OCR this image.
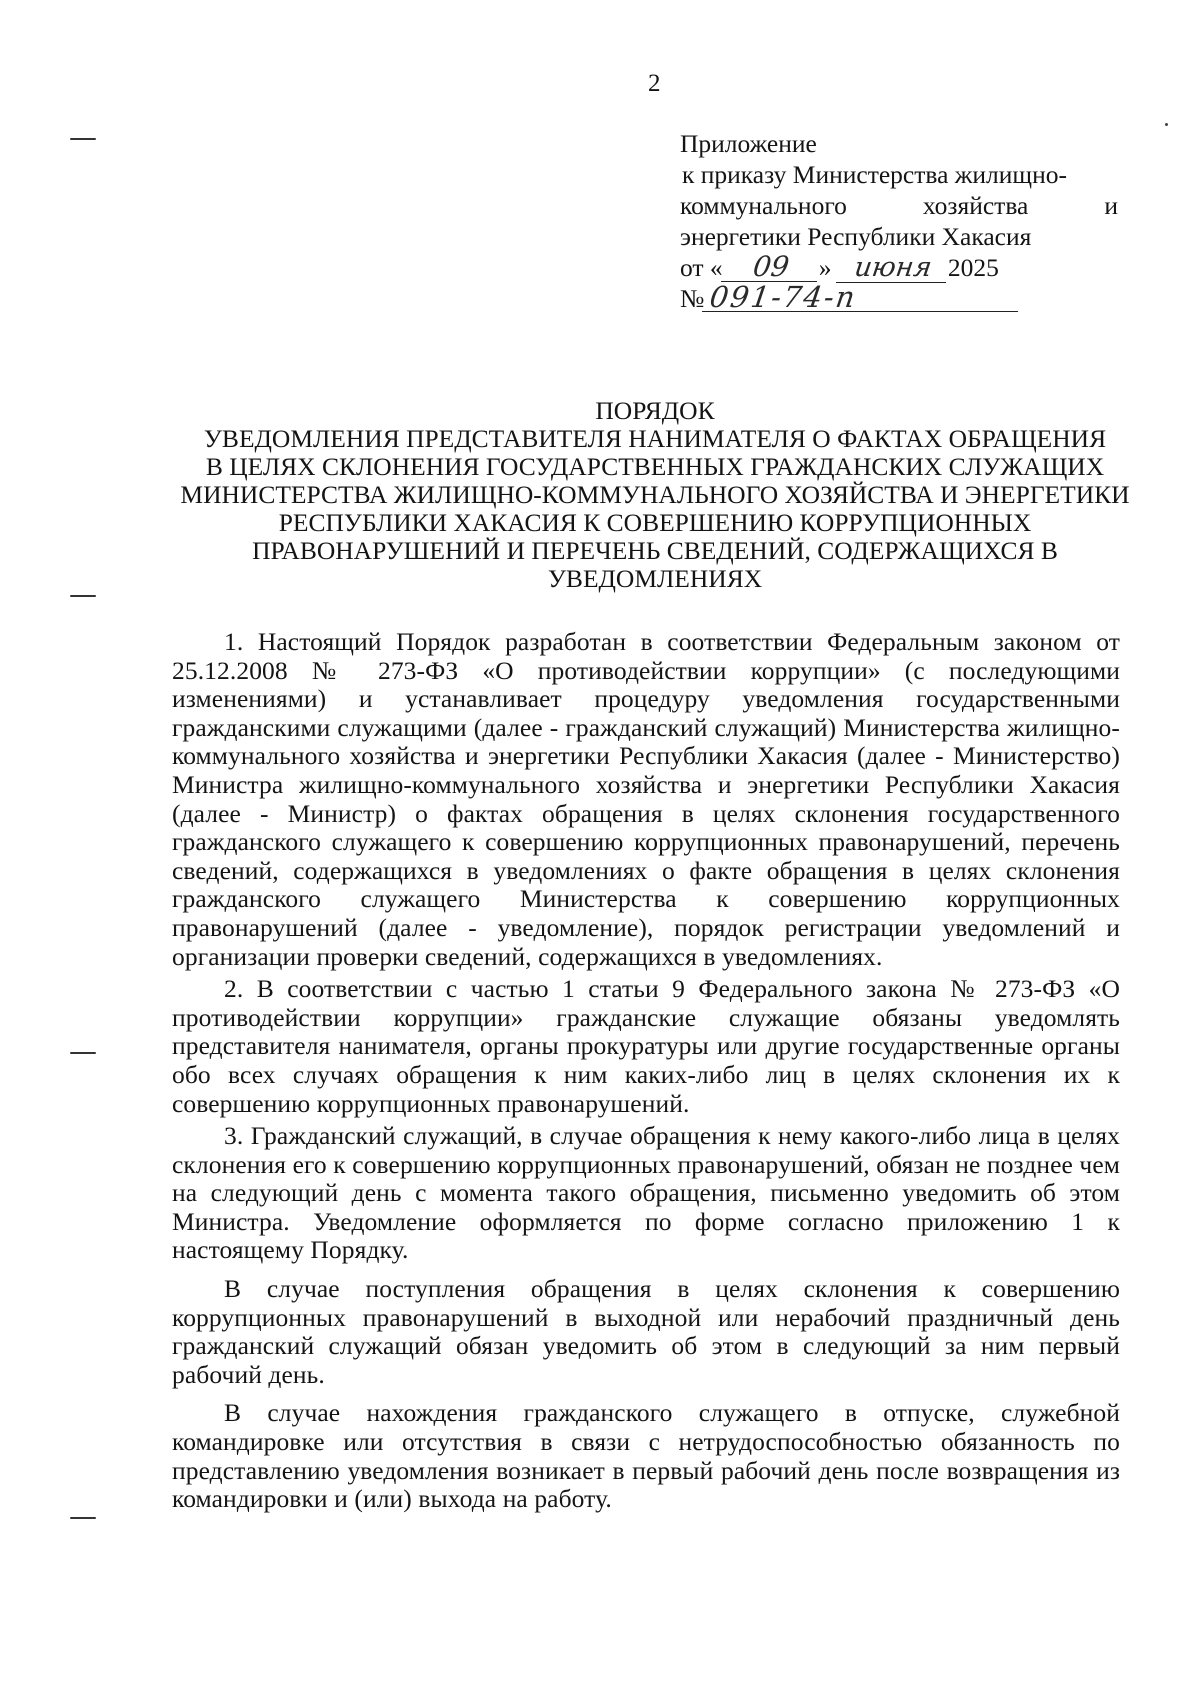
2
Приложение
к приказу Министерства жилищно-
коммунального	хозяйства	и
энергетики Республики Хакасия
от « 09 » июня 2025
№ 091-74-п
ПОРЯДОК
УВЕДОМЛЕНИЯ ПРЕДСТАВИТЕЛЯ НАНИМАТЕЛЯ О ФАКТАХ ОБРАЩЕНИЯ
В ЦЕЛЯХ СКЛОНЕНИЯ ГОСУДАРСТВЕННЫХ ГРАЖДАНСКИХ СЛУЖАЩИХ
МИНИСТЕРСТВА ЖИЛИЩНО-КОММУНАЛЬНОГО ХОЗЯЙСТВА И ЭНЕРГЕТИКИ
РЕСПУБЛИКИ ХАКАСИЯ К СОВЕРШЕНИЮ КОРРУПЦИОННЫХ
ПРАВОНАРУШЕНИЙ И ПЕРЕЧЕНЬ СВЕДЕНИЙ, СОДЕРЖАЩИХСЯ В
УВЕДОМЛЕНИЯХ

1. Настоящий Порядок разработан в соответствии Федеральным законом от 25.12.2008 № 273-ФЗ «О противодействии коррупции» (с последующими изменениями) и устанавливает процедуру уведомления государственными гражданскими служащими (далее - гражданский служащий) Министерства жилищно-коммунального хозяйства и энергетики Республики Хакасия (далее - Министерство) Министра жилищно-коммунального хозяйства и энергетики Республики Хакасия (далее - Министр) о фактах обращения в целях склонения государственного гражданского служащего к совершению коррупционных правонарушений, перечень сведений, содержащихся в уведомлениях о факте обращения в целях склонения гражданского служащего Министерства к совершению коррупционных правонарушений (далее - уведомление), порядок регистрации уведомлений и организации проверки сведений, содержащихся в уведомлениях.

2. В соответствии с частью 1 статьи 9 Федерального закона № 273-ФЗ «О противодействии коррупции» гражданские служащие обязаны уведомлять представителя нанимателя, органы прокуратуры или другие государственные органы обо всех случаях обращения к ним каких-либо лиц в целях склонения их к совершению коррупционных правонарушений.

3. Гражданский служащий, в случае обращения к нему какого-либо лица в целях склонения его к совершению коррупционных правонарушений, обязан не позднее чем на следующий день с момента такого обращения, письменно уведомить об этом Министра. Уведомление оформляется по форме согласно приложению 1 к настоящему Порядку.

В случае поступления обращения в целях склонения к совершению коррупционных правонарушений в выходной или нерабочий праздничный день гражданский служащий обязан уведомить об этом в следующий за ним первый рабочий день.

В случае нахождения гражданского служащего в отпуске, служебной командировке или отсутствия в связи с нетрудоспособностью обязанность по представлению уведомления возникает в первый рабочий день после возвращения из командировки и (или) выхода на работу.
